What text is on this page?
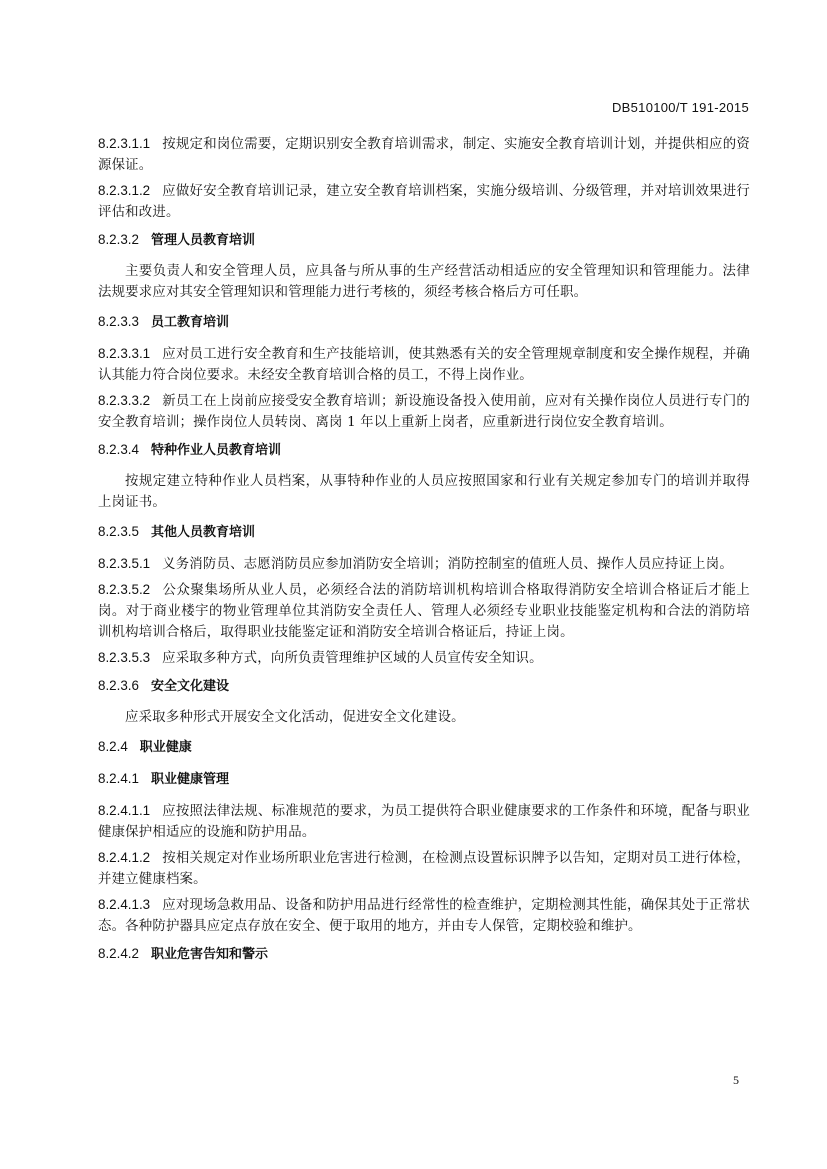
DB510100/T 191-2015

8.2.3.1.1 按规定和岗位需要，定期识别安全教育培训需求，制定、实施安全教育培训计划，并提供相应的资源保证。

8.2.3.1.2 应做好安全教育培训记录，建立安全教育培训档案，实施分级培训、分级管理，并对培训效果进行评估和改进。

8.2.3.2 管理人员教育培训

主要负责人和安全管理人员，应具备与所从事的生产经营活动相适应的安全管理知识和管理能力。法律法规要求应对其安全管理知识和管理能力进行考核的，须经考核合格后方可任职。

8.2.3.3 员工教育培训

8.2.3.3.1 应对员工进行安全教育和生产技能培训，使其熟悉有关的安全管理规章制度和安全操作规程，并确认其能力符合岗位要求。未经安全教育培训合格的员工，不得上岗作业。

8.2.3.3.2 新员工在上岗前应接受安全教育培训；新设施设备投入使用前，应对有关操作岗位人员进行专门的安全教育培训；操作岗位人员转岗、离岗 1 年以上重新上岗者，应重新进行岗位安全教育培训。

8.2.3.4 特种作业人员教育培训

按规定建立特种作业人员档案，从事特种作业的人员应按照国家和行业有关规定参加专门的培训并取得上岗证书。

8.2.3.5 其他人员教育培训

8.2.3.5.1 义务消防员、志愿消防员应参加消防安全培训；消防控制室的值班人员、操作人员应持证上岗。

8.2.3.5.2 公众聚集场所从业人员，必须经合法的消防培训机构培训合格取得消防安全培训合格证后才能上岗。对于商业楼宇的物业管理单位其消防安全责任人、管理人必须经专业职业技能鉴定机构和合法的消防培训机构培训合格后，取得职业技能鉴定证和消防安全培训合格证后，持证上岗。

8.2.3.5.3 应采取多种方式，向所负责管理维护区域的人员宣传安全知识。

8.2.3.6 安全文化建设

应采取多种形式开展安全文化活动，促进安全文化建设。

8.2.4 职业健康
8.2.4.1 职业健康管理

8.2.4.1.1 应按照法律法规、标准规范的要求，为员工提供符合职业健康要求的工作条件和环境，配备与职业健康保护相适应的设施和防护用品。

8.2.4.1.2 按相关规定对作业场所职业危害进行检测，在检测点设置标识牌予以告知，定期对员工进行体检，并建立健康档案。

8.2.4.1.3 应对现场急救用品、设备和防护用品进行经常性的检查维护，定期检测其性能，确保其处于正常状态。各种防护器具应定点存放在安全、便于取用的地方，并由专人保管，定期校验和维护。

8.2.4.2 职业危害告知和警示
5
